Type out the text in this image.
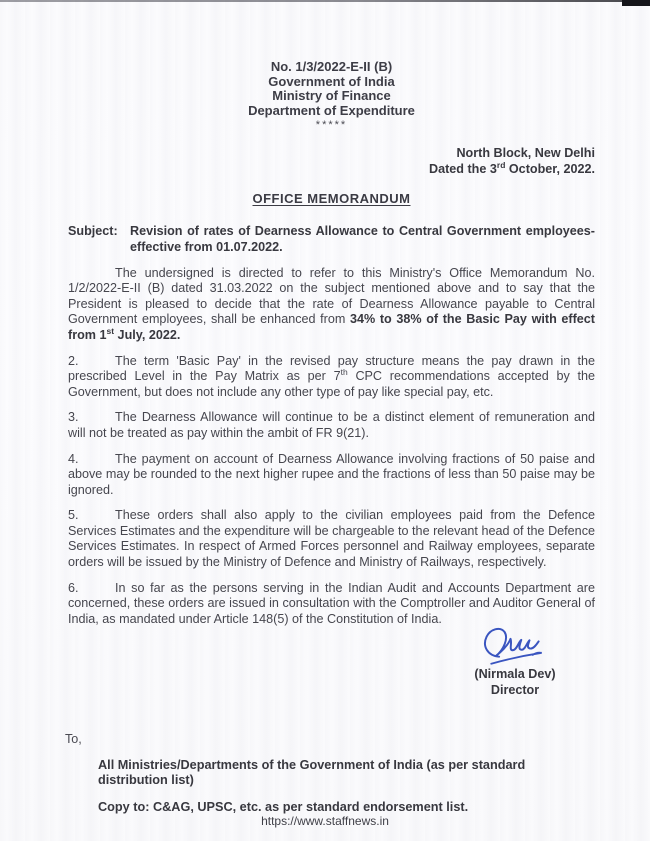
No. 1/3/2022-E-II (B)
Government of India
Ministry of Finance
Department of Expenditure
*****
North Block, New Delhi
Dated the 3rd October, 2022.
OFFICE MEMORANDUM
Subject: Revision of rates of Dearness Allowance to Central Government employees- effective from 01.07.2022.

The undersigned is directed to refer to this Ministry's Office Memorandum No. 1/2/2022-E-II (B) dated 31.03.2022 on the subject mentioned above and to say that the President is pleased to decide that the rate of Dearness Allowance payable to Central Government employees, shall be enhanced from 34% to 38% of the Basic Pay with effect from 1st July, 2022.

2.	The term 'Basic Pay' in the revised pay structure means the pay drawn in the prescribed Level in the Pay Matrix as per 7th CPC recommendations accepted by the Government, but does not include any other type of pay like special pay, etc.

3.	The Dearness Allowance will continue to be a distinct element of remuneration and will not be treated as pay within the ambit of FR 9(21).

4.	The payment on account of Dearness Allowance involving fractions of 50 paise and above may be rounded to the next higher rupee and the fractions of less than 50 paise may be ignored.

5.	These orders shall also apply to the civilian employees paid from the Defence Services Estimates and the expenditure will be chargeable to the relevant head of the Defence Services Estimates. In respect of Armed Forces personnel and Railway employees, separate orders will be issued by the Ministry of Defence and Ministry of Railways, respectively.

6.	In so far as the persons serving in the Indian Audit and Accounts Department are concerned, these orders are issued in consultation with the Comptroller and Auditor General of India, as mandated under Article 148(5) of the Constitution of India.

(Nirmala Dev)
Director
To,
All Ministries/Departments of the Government of India (as per standard distribution list)
Copy to: C&AG, UPSC, etc. as per standard endorsement list.
https://www.staffnews.in
